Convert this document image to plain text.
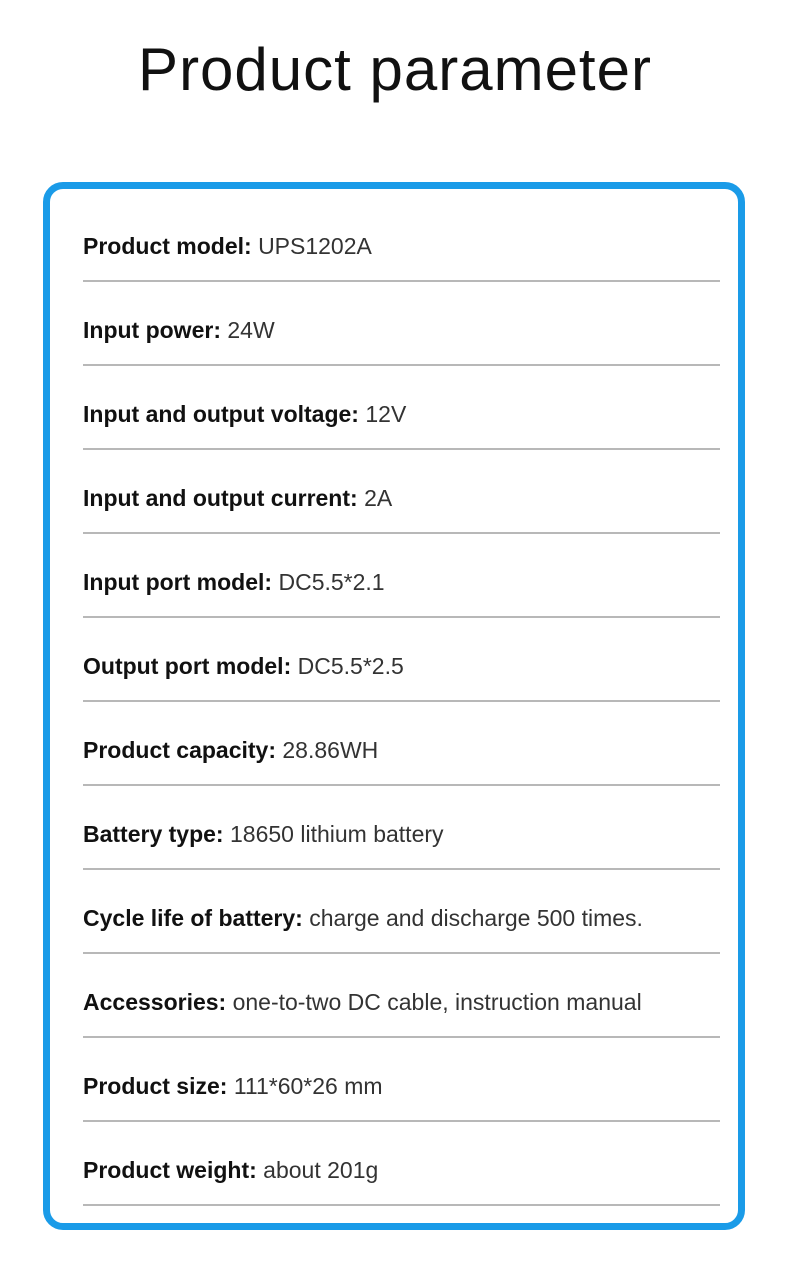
Product parameter
Product model: UPS1202A
Input power: 24W
Input and output voltage: 12V
Input and output current: 2A
Input port model: DC5.5*2.1
Output port model: DC5.5*2.5
Product capacity: 28.86WH
Battery type: 18650 lithium battery
Cycle life of battery: charge and discharge 500 times.
Accessories: one-to-two DC cable, instruction manual
Product size: 111*60*26 mm
Product weight: about 201g
